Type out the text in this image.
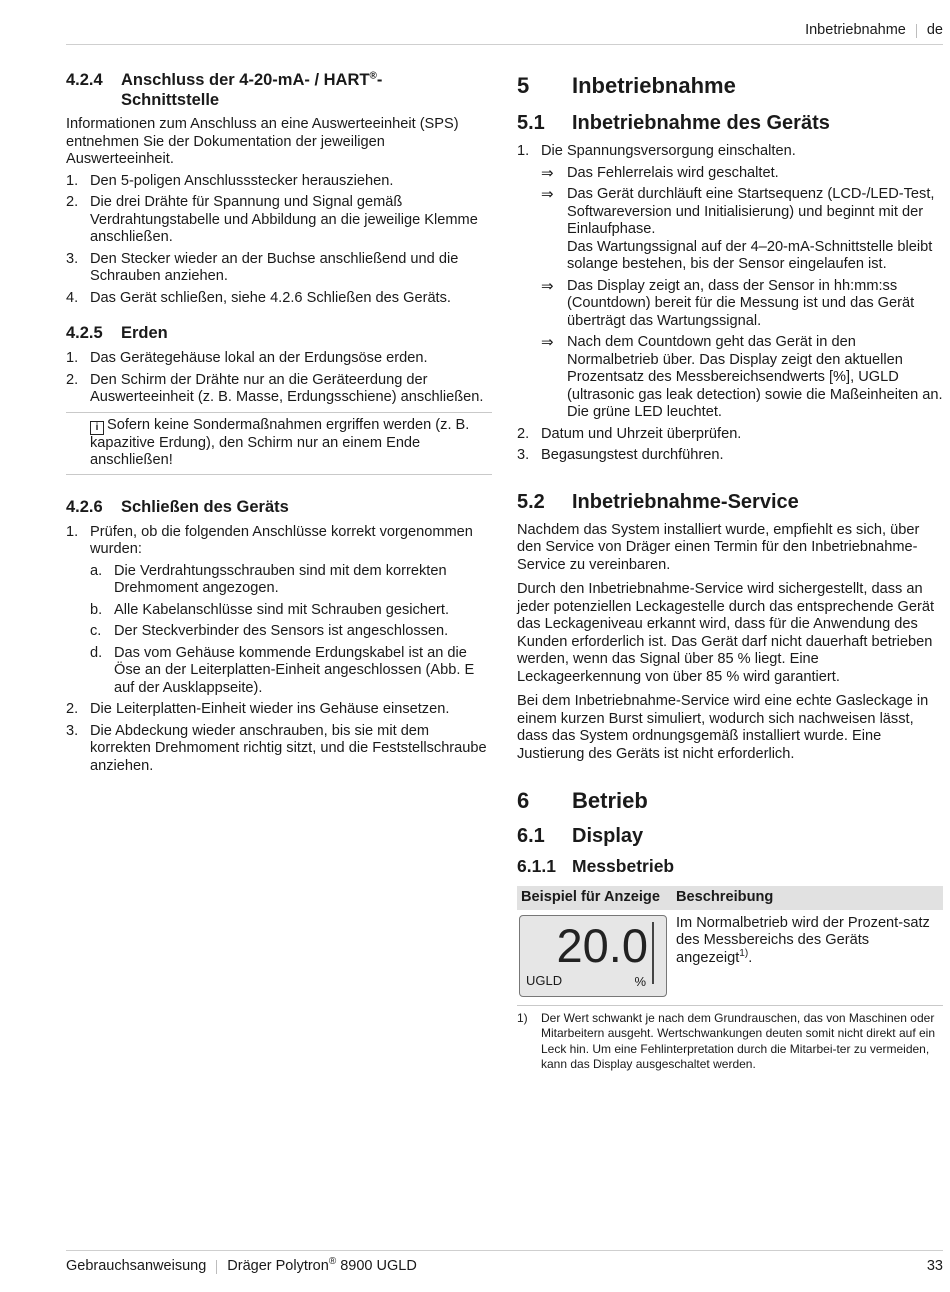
Inbetriebnahme de
4.2.4	Anschluss der 4-20-mA- / HART®-
Schnittstelle

Informationen zum Anschluss an eine Auswerteeinheit (SPS) entnehmen Sie der Dokumentation der jeweiligen Auswerteeinheit.

1. Den 5-poligen Anschlussstecker herausziehen.
2. Die drei Drähte für Spannung und Signal gemäß Verdrahtungstabelle und Abbildung an die jeweilige Klemme anschließen.
3. Den Stecker wieder an der Buchse anschließend und die Schrauben anziehen.
4. Das Gerät schließen, siehe 4.2.6 Schließen des Geräts.
4.2.5	Erden
1. Das Gerätegehäuse lokal an der Erdungsöse erden.
2. Den Schirm der Drähte nur an die Geräteerdung der Auswerteeinheit (z. B. Masse, Erdungsschiene) anschließen.
i Sofern keine Sondermaßnahmen ergriffen werden (z. B. kapazitive Erdung), den Schirm nur an einem Ende anschließen!
4.2.6	Schließen des Geräts
1. Prüfen, ob die folgenden Anschlüsse korrekt vorgenommen wurden:
a. Die Verdrahtungsschrauben sind mit dem korrekten Drehmoment angezogen.
b. Alle Kabelanschlüsse sind mit Schrauben gesichert.
c. Der Steckverbinder des Sensors ist angeschlossen.
d. Das vom Gehäuse kommende Erdungskabel ist an die Öse an der Leiterplatten-Einheit angeschlossen (Abb. E auf der Ausklappseite).
2. Die Leiterplatten-Einheit wieder ins Gehäuse einsetzen.
3. Die Abdeckung wieder anschrauben, bis sie mit dem korrekten Drehmoment richtig sitzt, und die Feststellschraube anziehen.
5	Inbetriebnahme
5.1	Inbetriebnahme des Geräts
1. Die Spannungsversorgung einschalten.
⇒ Das Fehlerrelais wird geschaltet.
⇒ Das Gerät durchläuft eine Startsequenz (LCD-/LED-Test, Softwareversion und Initialisierung) und beginnt mit der Einlaufphase.
Das Wartungssignal auf der 4–20-mA-Schnittstelle bleibt solange bestehen, bis der Sensor eingelaufen ist.
⇒ Das Display zeigt an, dass der Sensor in hh:mm:ss (Countdown) bereit für die Messung ist und das Gerät überträgt das Wartungssignal.
⇒ Nach dem Countdown geht das Gerät in den Normalbetrieb über. Das Display zeigt den aktuellen Prozentsatz des Messbereichsendwerts [%], UGLD (ultrasonic gas leak detection) sowie die Maßeinheiten an. Die grüne LED leuchtet.
2. Datum und Uhrzeit überprüfen.
3. Begasungstest durchführen.
5.2	Inbetriebnahme-Service

Nachdem das System installiert wurde, empfiehlt es sich, über den Service von Dräger einen Termin für den Inbetriebnahme-Service zu vereinbaren.

Durch den Inbetriebnahme-Service wird sichergestellt, dass an jeder potenziellen Leckagestelle durch das entsprechende Gerät das Leckageniveau erkannt wird, dass für die Anwendung des Kunden erforderlich ist. Das Gerät darf nicht dauerhaft betrieben werden, wenn das Signal über 85 % liegt. Eine Leckageerkennung von über 85 % wird garantiert.

Bei dem Inbetriebnahme-Service wird eine echte Gasleckage in einem kurzen Burst simuliert, wodurch sich nachweisen lässt, dass das System ordnungsgemäß installiert wurde. Eine Justierung des Geräts ist nicht erforderlich.

6	Betrieb
6.1	Display
6.1.1 Messbetrieb
Beispiel für Anzeige	Beschreibung

20.0
UGLD %	Im Normalbetrieb wird der Prozent-satz des Messbereichs des Geräts angezeigt$^{1)}$.
1)	Der Wert schwankt je nach dem Grundrauschen, das von Maschinen oder Mitarbeitern ausgeht. Wertschwankungen deuten somit nicht direkt auf ein Leck hin. Um eine Fehlinterpretation durch die Mitarbei-ter zu vermeiden, kann das Display ausgeschaltet werden.
Gebrauchsanweisung Dräger Polytron® 8900 UGLD	33
